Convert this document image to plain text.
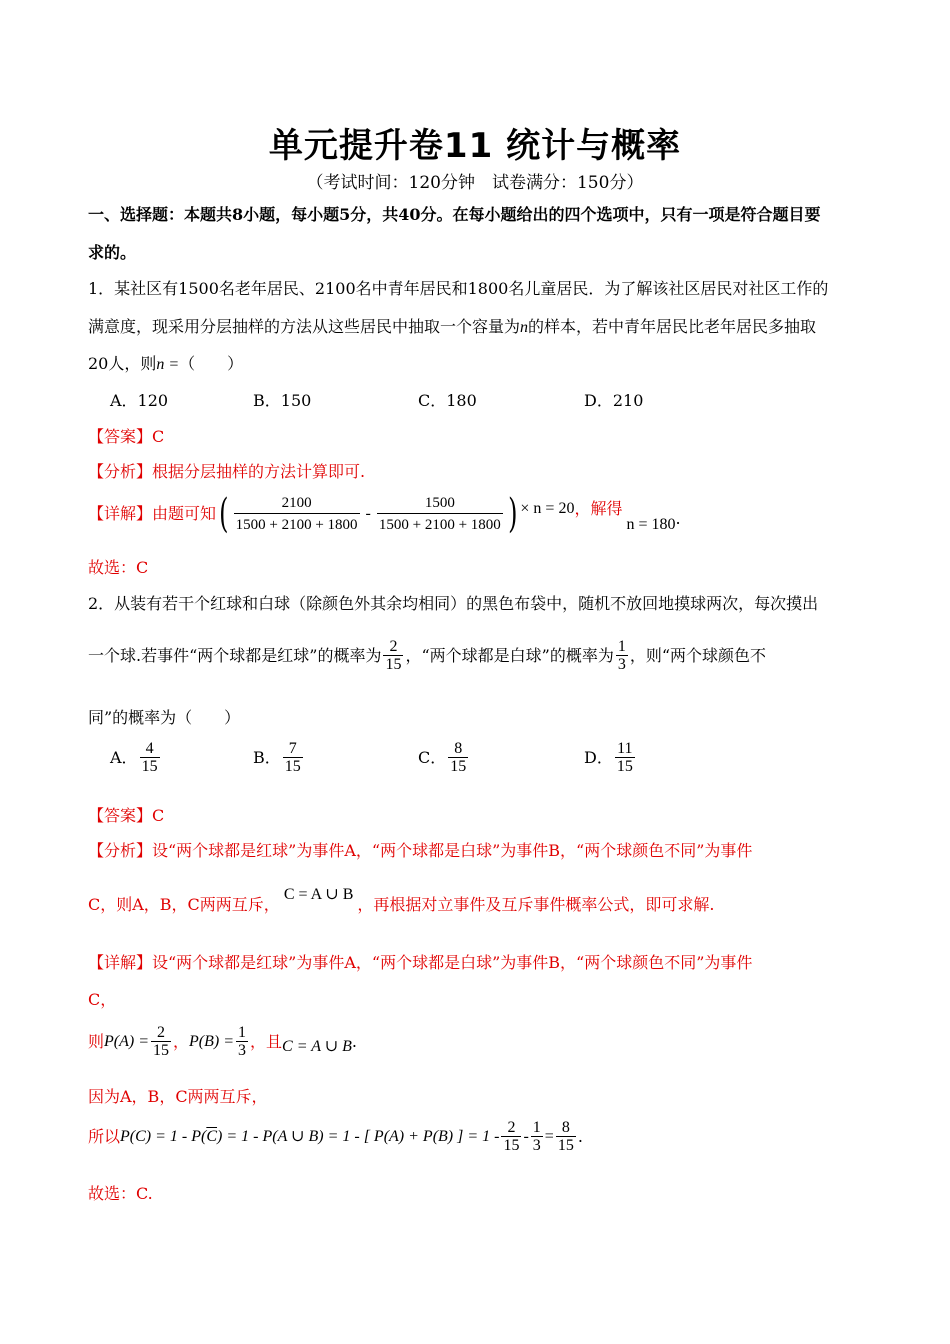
单元提升卷11 统计与概率
（考试时间：120分钟　试卷满分：150分）
一、选择题：本题共8小题，每小题5分，共40分。在每小题给出的四个选项中，只有一项是符合题目要
求的。
1．某社区有1500名老年居民、2100名中青年居民和1800名儿童居民．为了解该社区居民对社区工作的
满意度，现采用分层抽样的方法从这些居民中抽取一个容量为n的样本，若中青年居民比老年居民多抽取
20人，则n =（　　）
A．120	B．150	C．180	D．210
【答案】C
【分析】根据分层抽样的方法计算即可.
【详解】由题可知 ( $\frac{2100}{1500 + 2100 + 1800} - \frac{1500}{1500 + 2100 + 1800}$ ) × n = 20 ，解得
n = 180 .
故选：C
2．从装有若干个红球和白球（除颜色外其余均相同）的黑色布袋中，随机不放回地摸球两次，每次摸出
一个球.若事件“两个球都是红球”的概率为 $\frac{2}{15}$ ，“两个球都是白球”的概率为 $\frac{1}{3}$ ，则“两个球颜色不
同”的概率为（　　）
A． $\frac{4}{15}$	B． $\frac{7}{15}$	C． $\frac{8}{15}$	D． $\frac{11}{15}$
【答案】C
【分析】设“两个球都是红球”为事件A，“两个球都是白球”为事件B，“两个球颜色不同”为事件
C，则A，B，C两两互斥，
C = A ∪ B
，再根据对立事件及互斥事件概率公式，即可求解.
【详解】设“两个球都是红球”为事件A，“两个球都是白球”为事件B，“两个球颜色不同”为事件
C，
则 $P(A) = \frac{2}{15}$ ， $P(B) = \frac{1}{3}$ ，且 C = A ∪ B .
因为A，B，C两两互斥，
所以 P(C) = 1 - P( $\overline{C}$ ) = 1 - P(A ∪ B) = 1 - [ P(A) + P(B) ] = $1 - \frac{2}{15} - \frac{1}{3} = \frac{8}{15}$ .
故选：C.
